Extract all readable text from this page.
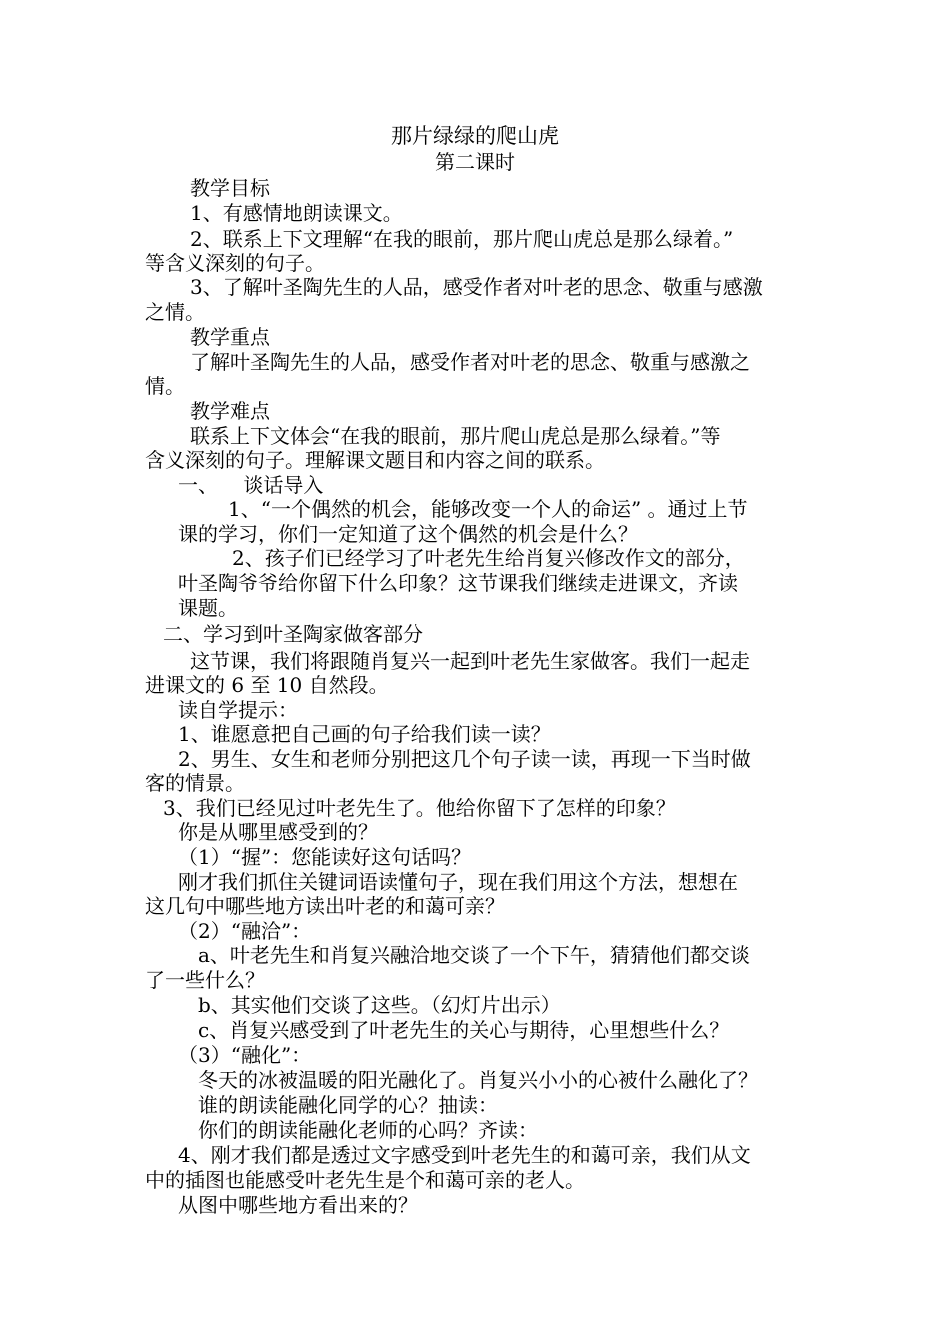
那片绿绿的爬山虎
第二课时
教学目标
1、有感情地朗读课文。
2、联系上下文理解“在我的眼前，那片爬山虎总是那么绿着。”
等含义深刻的句子。
3、了解叶圣陶先生的人品，感受作者对叶老的思念、敬重与感激
之情。
教学重点
了解叶圣陶先生的人品，感受作者对叶老的思念、敬重与感激之
情。
教学难点
联系上下文体会“在我的眼前，那片爬山虎总是那么绿着。”等
含义深刻的句子。理解课文题目和内容之间的联系。
一、    谈话导入
1、“一个偶然的机会，能够改变一个人的命运” 。通过上节
课的学习，你们一定知道了这个偶然的机会是什么？
2、孩子们已经学习了叶老先生给肖复兴修改作文的部分，
叶圣陶爷爷给你留下什么印象？这节课我们继续走进课文，齐读
课题。
二、学习到叶圣陶家做客部分
这节课，我们将跟随肖复兴一起到叶老先生家做客。我们一起走
进课文的 6 至 10 自然段。
读自学提示：
1、谁愿意把自己画的句子给我们读一读？
2、男生、女生和老师分别把这几个句子读一读，再现一下当时做
客的情景。
3、我们已经见过叶老先生了。他给你留下了怎样的印象？
你是从哪里感受到的？
（1）“握”：您能读好这句话吗？
刚才我们抓住关键词语读懂句子，现在我们用这个方法，想想在
这几句中哪些地方读出叶老的和蔼可亲？
（2）“融洽”：
a、叶老先生和肖复兴融洽地交谈了一个下午，猜猜他们都交谈
了一些什么？
b、其实他们交谈了这些。（幻灯片出示）
c、肖复兴感受到了叶老先生的关心与期待，心里想些什么？
（3）“融化”：
冬天的冰被温暖的阳光融化了。肖复兴小小的心被什么融化了？
谁的朗读能融化同学的心？抽读：
你们的朗读能融化老师的心吗？齐读：
4、刚才我们都是透过文字感受到叶老先生的和蔼可亲，我们从文
中的插图也能感受叶老先生是个和蔼可亲的老人。
从图中哪些地方看出来的？
